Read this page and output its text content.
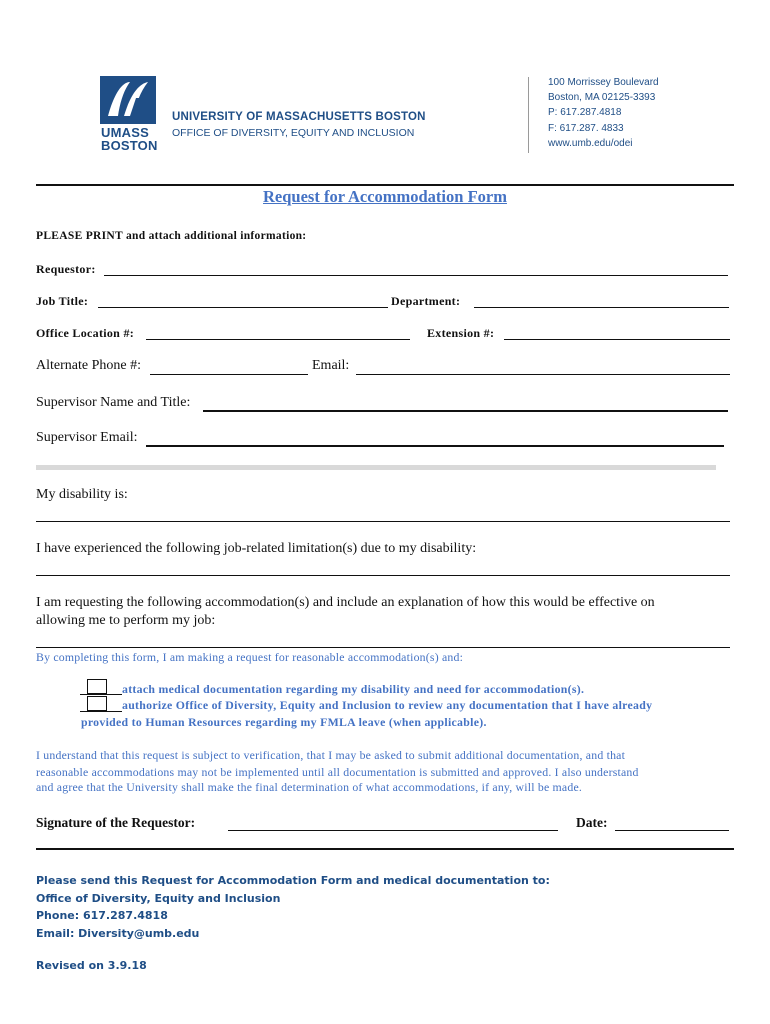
UMASS
BOSTON
UNIVERSITY OF MASSACHUSETTS BOSTON
OFFICE OF DIVERSITY, EQUITY AND INCLUSION
100 Morrissey Boulevard
Boston, MA 02125-3393
P: 617.287.4818
F: 617.287. 4833
www.umb.edu/odei
Request for Accommodation Form
PLEASE PRINT and attach additional information:
Requestor:
Job Title:	Department:
Office Location #:	Extension #:
Alternate Phone #:	Email:
Supervisor Name and Title:
Supervisor Email:
My disability is:
I have experienced the following job-related limitation(s) due to my disability:
I am requesting the following accommodation(s) and include an explanation of how this would be effective on
allowing me to perform my job:
By completing this form, I am making a request for reasonable accommodation(s) and:
attach medical documentation regarding my disability and need for accommodation(s).
authorize Office of Diversity, Equity and Inclusion to review any documentation that I have already
provided to Human Resources regarding my FMLA leave (when applicable).
I understand that this request is subject to verification, that I may be asked to submit additional documentation, and that
reasonable accommodations may not be implemented until all documentation is submitted and approved. I also understand
and agree that the University shall make the final determination of what accommodations, if any, will be made.
Signature of the Requestor:	Date:
Please send this Request for Accommodation Form and medical documentation to:
Office of Diversity, Equity and Inclusion
Phone: 617.287.4818
Email: Diversity@umb.edu
Revised on 3.9.18
